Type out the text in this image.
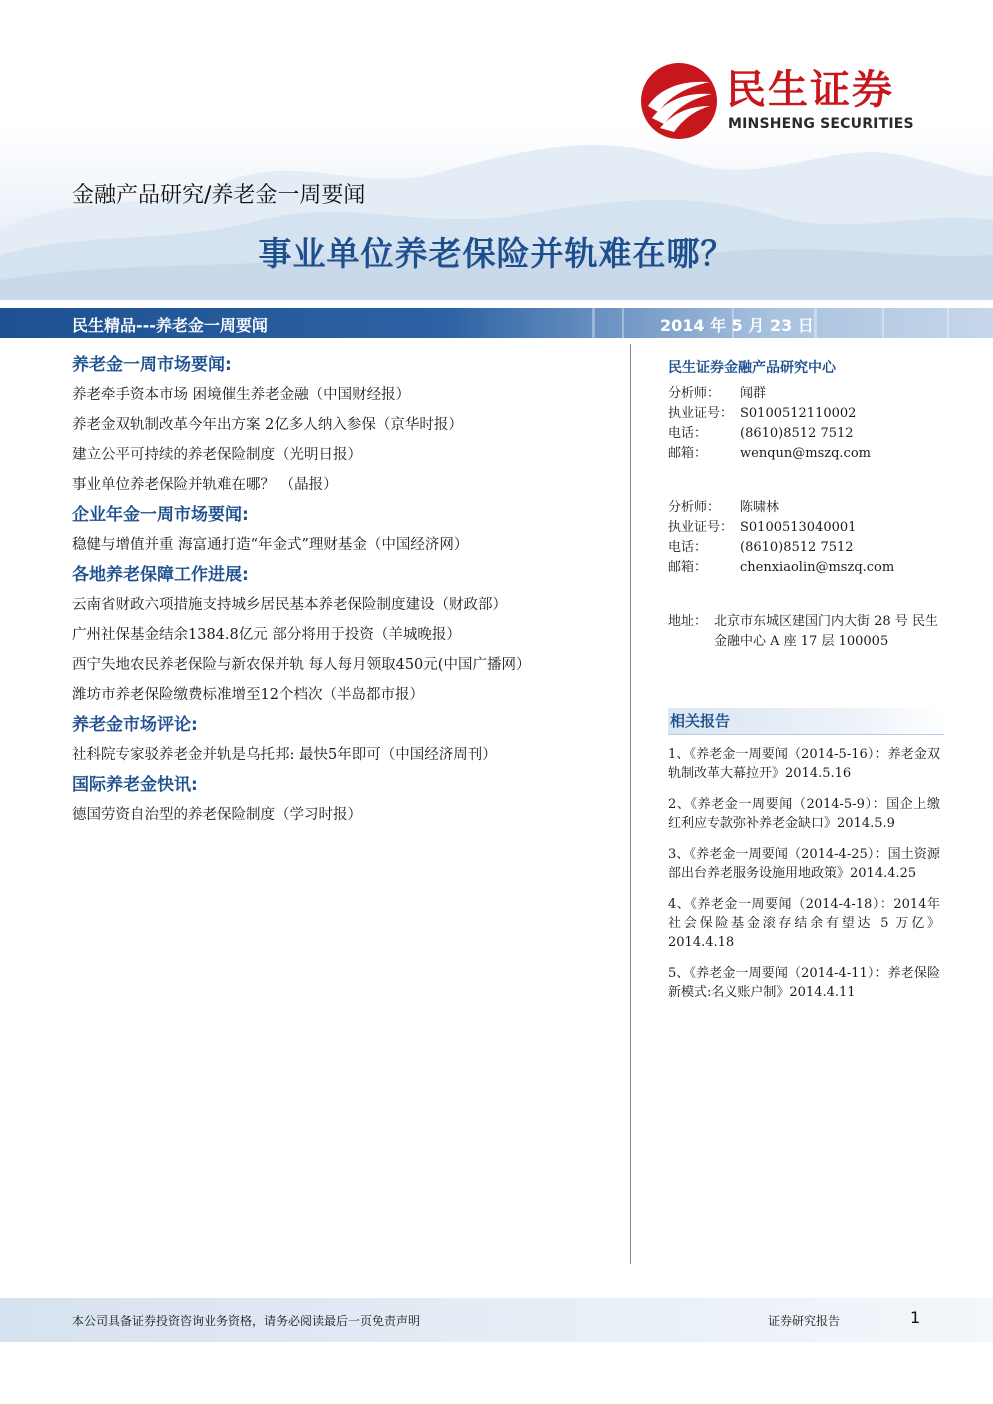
民生证券
MINSHENG SECURITIES
金融产品研究/养老金一周要闻
事业单位养老保险并轨难在哪？
民生精品---养老金一周要闻	2014 年 5 月 23 日
养老金一周市场要闻:
养老牵手资本市场 困境催生养老金融（中国财经报）
养老金双轨制改革今年出方案 2亿多人纳入参保（京华时报）
建立公平可持续的养老保险制度（光明日报）
事业单位养老保险并轨难在哪？ （晶报）
企业年金一周市场要闻:
稳健与增值并重 海富通打造“年金式”理财基金（中国经济网）
各地养老保障工作进展:
云南省财政六项措施支持城乡居民基本养老保险制度建设（财政部）
广州社保基金结余1384.8亿元 部分将用于投资（羊城晚报）
西宁失地农民养老保险与新农保并轨 每人每月领取450元(中国广播网）
潍坊市养老保险缴费标准增至12个档次（半岛都市报）
养老金市场评论:
社科院专家驳养老金并轨是乌托邦: 最快5年即可（中国经济周刊）
国际养老金快讯:
德国劳资自治型的养老保险制度（学习时报）
民生证券金融产品研究中心
分析师： 闻群
执业证号： S0100512110002
电话：	(8610)8512 7512
邮箱：	wenqun@mszq.com
分析师： 陈啸林
执业证号： S0100513040001
电话：	(8610)8512 7512
邮箱：	chenxiaolin@mszq.com
地址： 北京市东城区建国门内大街 28 号 民生金融中心 A 座 17 层 100005
相关报告
1、《养老金一周要闻（2014-5-16）：养老金双轨制改革大幕拉开》2014.5.16
2、《养老金一周要闻（2014-5-9）：国企上缴红利应专款弥补养老金缺口》2014.5.9
3、《养老金一周要闻（2014-4-25）：国土资源部出台养老服务设施用地政策》2014.4.25
4、《养老金一周要闻（2014-4-18）：2014年社会保险基金滚存结余有望达 5 万亿》2014.4.18
5、《养老金一周要闻（2014-4-11）：养老保险新模式:名义账户制》2014.4.11
本公司具备证券投资咨询业务资格，请务必阅读最后一页免责声明	证券研究报告	1
